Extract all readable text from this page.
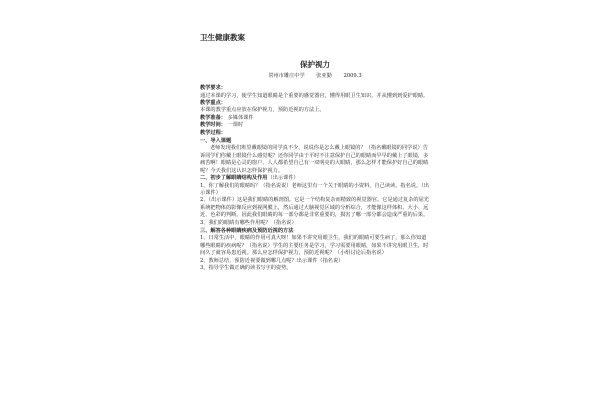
卫生健康教案
保护视力
常州市雕庄中学 张亚勤 2009.3

教学要求：

通过本课的学习，使学生知道眼睛是个重要的感觉器官，懂得用眼卫生知识，并从懂到到爱护眼睛。

教学重点：

本课的教学重点应放在保护视力，预防近视的方法上。

教学准备： 多媒体课件

教学时间： 一课时

教学过程：

一、导入课题

老师发现我们班里戴眼镜的同学真不少，说说你是怎么戴上眼镜的？（指名戴眼镜的同学说）告诉同学们你戴上眼镜什么感觉呢？还你同学由于平时不注意保护自己的眼睛而早早的戴上了眼镜，多痛苦啊！眼睛是心灵的窗户，人人都希望自己有一双明亮的大眼睛，那么怎样才能保护好自己的眼睛呢？今天我们这认识怎样保护视力。

二、初步了解眼睛结构及作用（出示课件）

1、你了解我们的眼睛吗？（指名说说）老师这里有一个关于眼睛的小资料，自己读读。指名说。（出示课件）

2、（出示课件）这是我们眼睛的解剖图。它是一个结构复杂而精致的视觉器官。它是通过复杂的屈光系统把物体的影像反应到视网膜上，然后通过大脑视觉区域的分析综合，才能像这样体积、大小、远近、色彩的判断。因此我们眼睛的每一部分都是非常重要的，损害了哪一部分都会造成严重的后果。

3、我们的眼睛有哪些作用呢？（指名说）

三、解答各种眼睛疾病及预防近视的方法

1、日常生活中，眼睛的作用可真大呀！如果不讲究用眼卫生，我们的眼睛可要生病了，那么你知道哪些眼睛的疾病呢？（指名说）学生的主要任务是学习，学习需要用眼睛，如果不讲究用眼卫生，时间久了就容易患近视。那么应怎样保护视力，预防近视呢？（小组讨论后指名说）

2、教师总结，预防近视要做到哪几点呢？出示课件（指名说）

3、指导学生做正确的读书写字的姿势。
